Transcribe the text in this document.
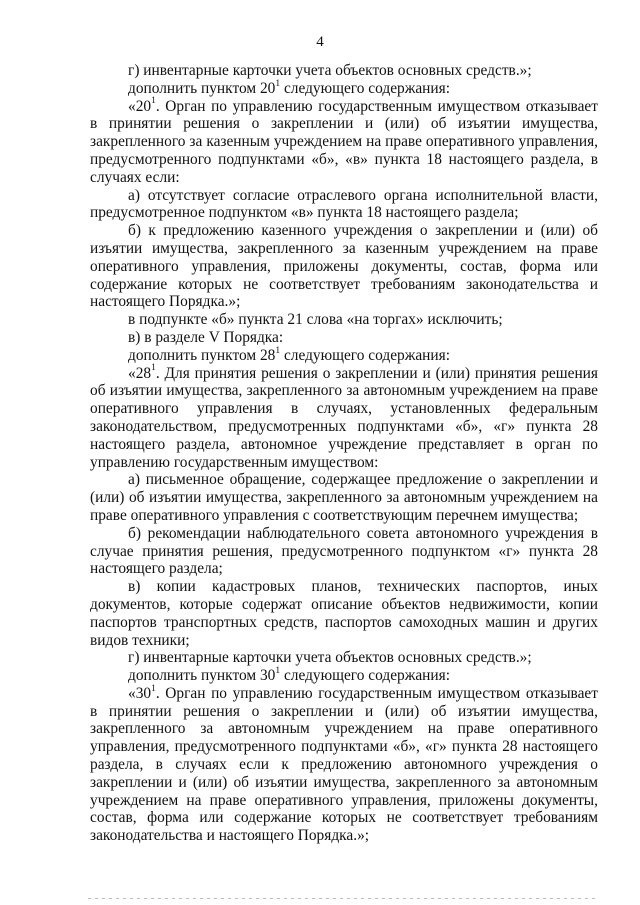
4

г) инвентарные карточки учета объектов основных средств.»;

дополнить пунктом $20^1$ следующего содержания:

«$20^1$. Орган по управлению государственным имуществом отказывает в принятии решения о закреплении и (или) об изъятии имущества, закрепленного за казенным учреждением на праве оперативного управления, предусмотренного подпунктами «б», «в» пункта 18 настоящего раздела, в случаях если:

а) отсутствует согласие отраслевого органа исполнительной власти, предусмотренное подпунктом «в» пункта 18 настоящего раздела;

б) к предложению казенного учреждения о закреплении и (или) об изъятии имущества, закрепленного за казенным учреждением на праве оперативного управления, приложены документы, состав, форма или содержание которых не соответствует требованиям законодательства и настоящего Порядка.»;

в подпункте «б» пункта 21 слова «на торгах» исключить;

в) в разделе V Порядка:

дополнить пунктом $28^1$ следующего содержания:

«$28^1$. Для принятия решения о закреплении и (или) принятия решения об изъятии имущества, закрепленного за автономным учреждением на праве оперативного управления в случаях, установленных федеральным законодательством, предусмотренных подпунктами «б», «г» пункта 28 настоящего раздела, автономное учреждение представляет в орган по управлению государственным имуществом:

а) письменное обращение, содержащее предложение о закреплении и (или) об изъятии имущества, закрепленного за автономным учреждением на праве оперативного управления с соответствующим перечнем имущества;

б) рекомендации наблюдательного совета автономного учреждения в случае принятия решения, предусмотренного подпунктом «г» пункта 28 настоящего раздела;

в) копии кадастровых планов, технических паспортов, иных документов, которые содержат описание объектов недвижимости, копии паспортов транспортных средств, паспортов самоходных машин и других видов техники;

г) инвентарные карточки учета объектов основных средств.»;

дополнить пунктом $30^1$ следующего содержания:

«$30^1$. Орган по управлению государственным имуществом отказывает в принятии решения о закреплении и (или) об изъятии имущества, закрепленного за автономным учреждением на праве оперативного управления, предусмотренного подпунктами «б», «г» пункта 28 настоящего раздела, в случаях если к предложению автономного учреждения о закреплении и (или) об изъятии имущества, закрепленного за автономным учреждением на праве оперативного управления, приложены документы, состав, форма или содержание которых не соответствует требованиям законодательства и настоящего Порядка.»;
